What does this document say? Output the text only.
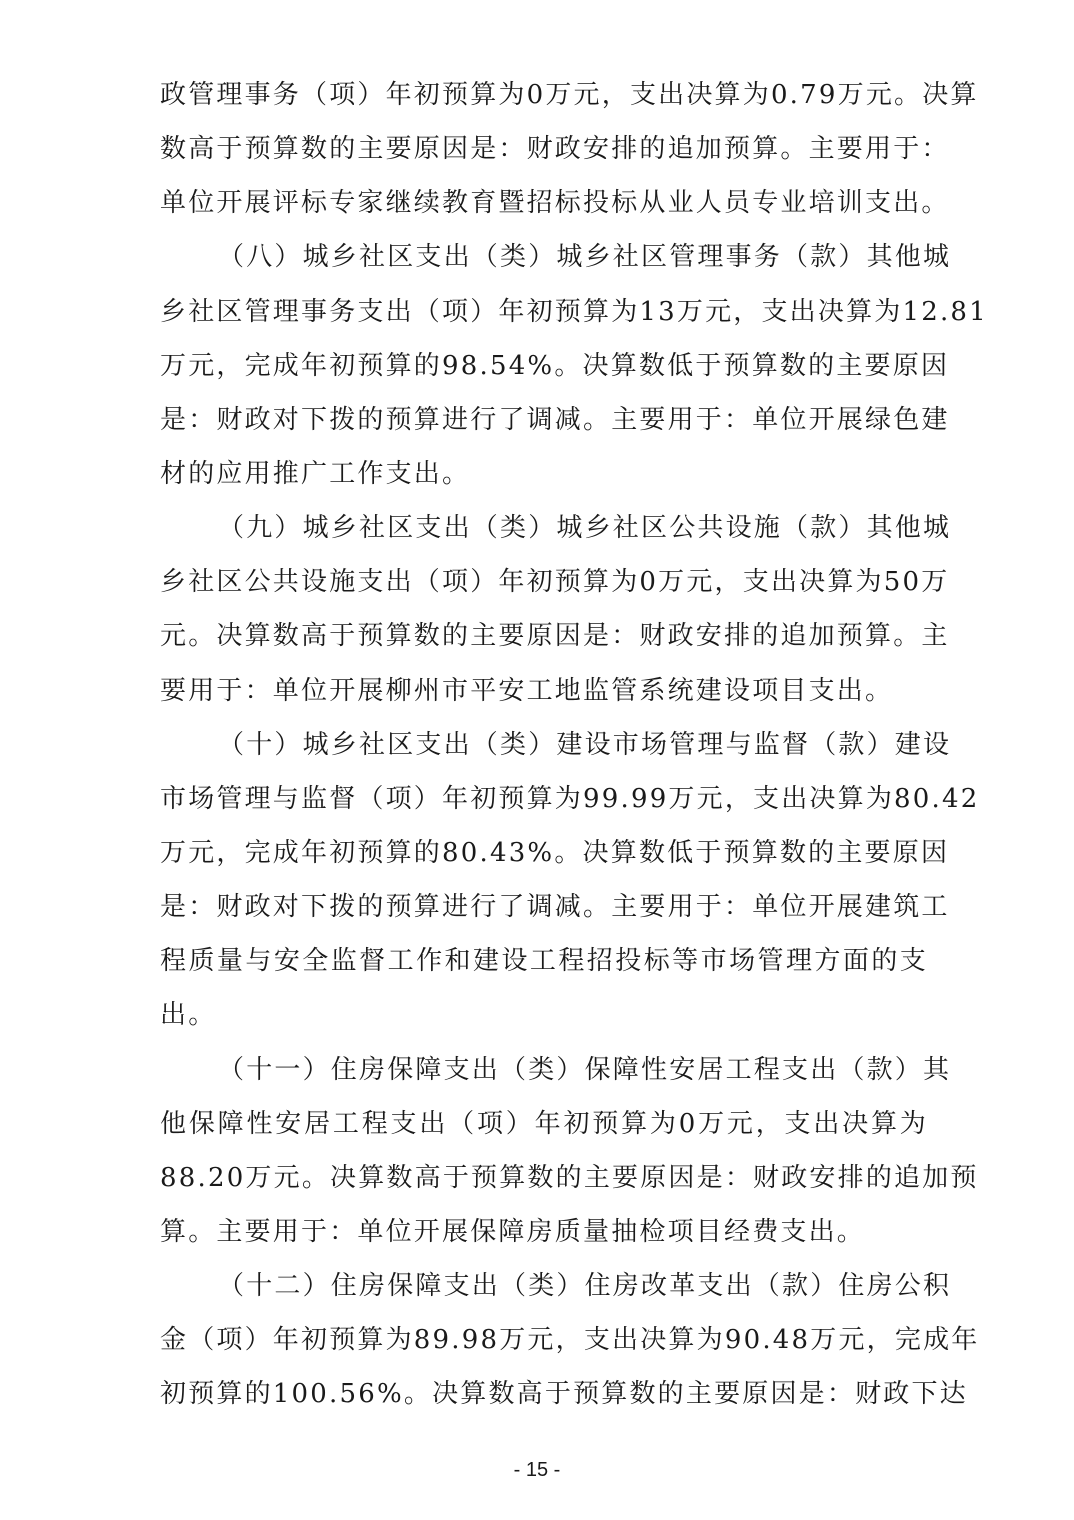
政管理事务（项）年初预算为0万元，支出决算为0.79万元。决算
数高于预算数的主要原因是：财政安排的追加预算。主要用于：
单位开展评标专家继续教育暨招标投标从业人员专业培训支出。
（八）城乡社区支出（类）城乡社区管理事务（款）其他城
乡社区管理事务支出（项）年初预算为13万元，支出决算为12.81
万元，完成年初预算的98.54%。决算数低于预算数的主要原因
是：财政对下拨的预算进行了调减。主要用于：单位开展绿色建
材的应用推广工作支出。
（九）城乡社区支出（类）城乡社区公共设施（款）其他城
乡社区公共设施支出（项）年初预算为0万元，支出决算为50万
元。决算数高于预算数的主要原因是：财政安排的追加预算。主
要用于：单位开展柳州市平安工地监管系统建设项目支出。
（十）城乡社区支出（类）建设市场管理与监督（款）建设
市场管理与监督（项）年初预算为99.99万元，支出决算为80.42
万元，完成年初预算的80.43%。决算数低于预算数的主要原因
是：财政对下拨的预算进行了调减。主要用于：单位开展建筑工
程质量与安全监督工作和建设工程招投标等市场管理方面的支
出。
（十一）住房保障支出（类）保障性安居工程支出（款）其
他保障性安居工程支出（项）年初预算为0万元，支出决算为
88.20万元。决算数高于预算数的主要原因是：财政安排的追加预
算。主要用于：单位开展保障房质量抽检项目经费支出。
（十二）住房保障支出（类）住房改革支出（款）住房公积
金（项）年初预算为89.98万元，支出决算为90.48万元，完成年
初预算的100.56%。决算数高于预算数的主要原因是：财政下达
- 15 -
